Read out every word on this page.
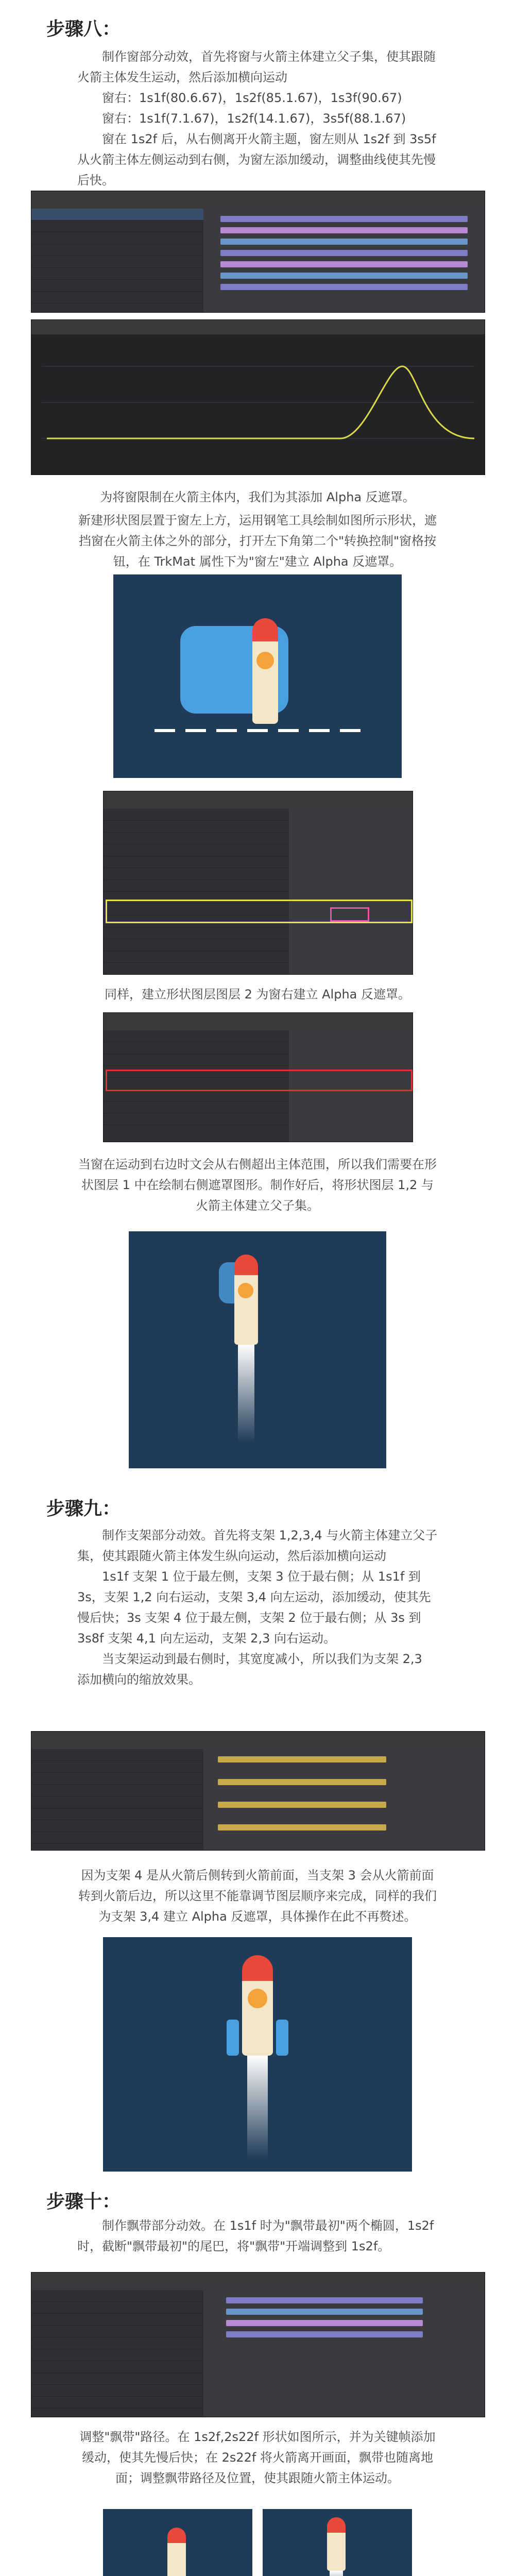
步骤八：

制作窗部分动效，首先将窗与火箭主体建立父子集，使其跟随火箭主体发生运动，然后添加横向运动

窗右：1s1f(80.6.67)，1s2f(85.1.67)，1s3f(90.67)

窗右：1s1f(7.1.67)，1s2f(14.1.67)，3s5f(88.1.67)

窗在 1s2f 后，从右侧离开火箭主题，窗左则从 1s2f 到 3s5f 从火箭主体左侧运动到右侧，为窗左添加缓动，调整曲线使其先慢后快。

为将窗限制在火箭主体内，我们为其添加 Alpha 反遮罩。
新建形状图层置于窗左上方，运用钢笔工具绘制如图所示形状，遮挡窗在火箭主体之外的部分，打开左下角第二个"转换控制"窗格按钮，在 TrkMat 属性下为"窗左"建立 Alpha 反遮罩。
同样，建立形状图层图层 2 为窗右建立 Alpha 反遮罩。
当窗在运动到右边时文会从右侧超出主体范围，所以我们需要在形状图层 1 中在绘制右侧遮罩图形。制作好后，将形状图层 1,2 与火箭主体建立父子集。
步骤九：

制作支架部分动效。首先将支架 1,2,3,4 与火箭主体建立父子集，使其跟随火箭主体发生纵向运动，然后添加横向运动

1s1f 支架 1 位于最左侧，支架 3 位于最右侧；从 1s1f 到 3s，支架 1,2 向右运动，支架 3,4 向左运动，添加缓动，使其先慢后快；3s 支架 4 位于最左侧，支架 2 位于最右侧；从 3s 到 3s8f 支架 4,1 向左运动，支架 2,3 向右运动。

当支架运动到最右侧时，其宽度减小，所以我们为支架 2,3 添加横向的缩放效果。

因为支架 4 是从火箭后侧转到火箭前面，当支架 3 会从火箭前面转到火箭后边，所以这里不能靠调节图层顺序来完成，同样的我们为支架 3,4 建立 Alpha 反遮罩，具体操作在此不再赘述。
步骤十：

制作飘带部分动效。在 1s1f 时为"飘带最初"两个椭圆，1s2f 时，截断"飘带最初"的尾巴，将"飘带"开端调整到 1s2f。

调整"飘带"路径。在 1s2f,2s22f 形状如图所示，并为关键帧添加缓动，使其先慢后快；在 2s22f 将火箭离开画面，飘带也随离地面；调整飘带路径及位置，使其跟随火箭主体运动。
